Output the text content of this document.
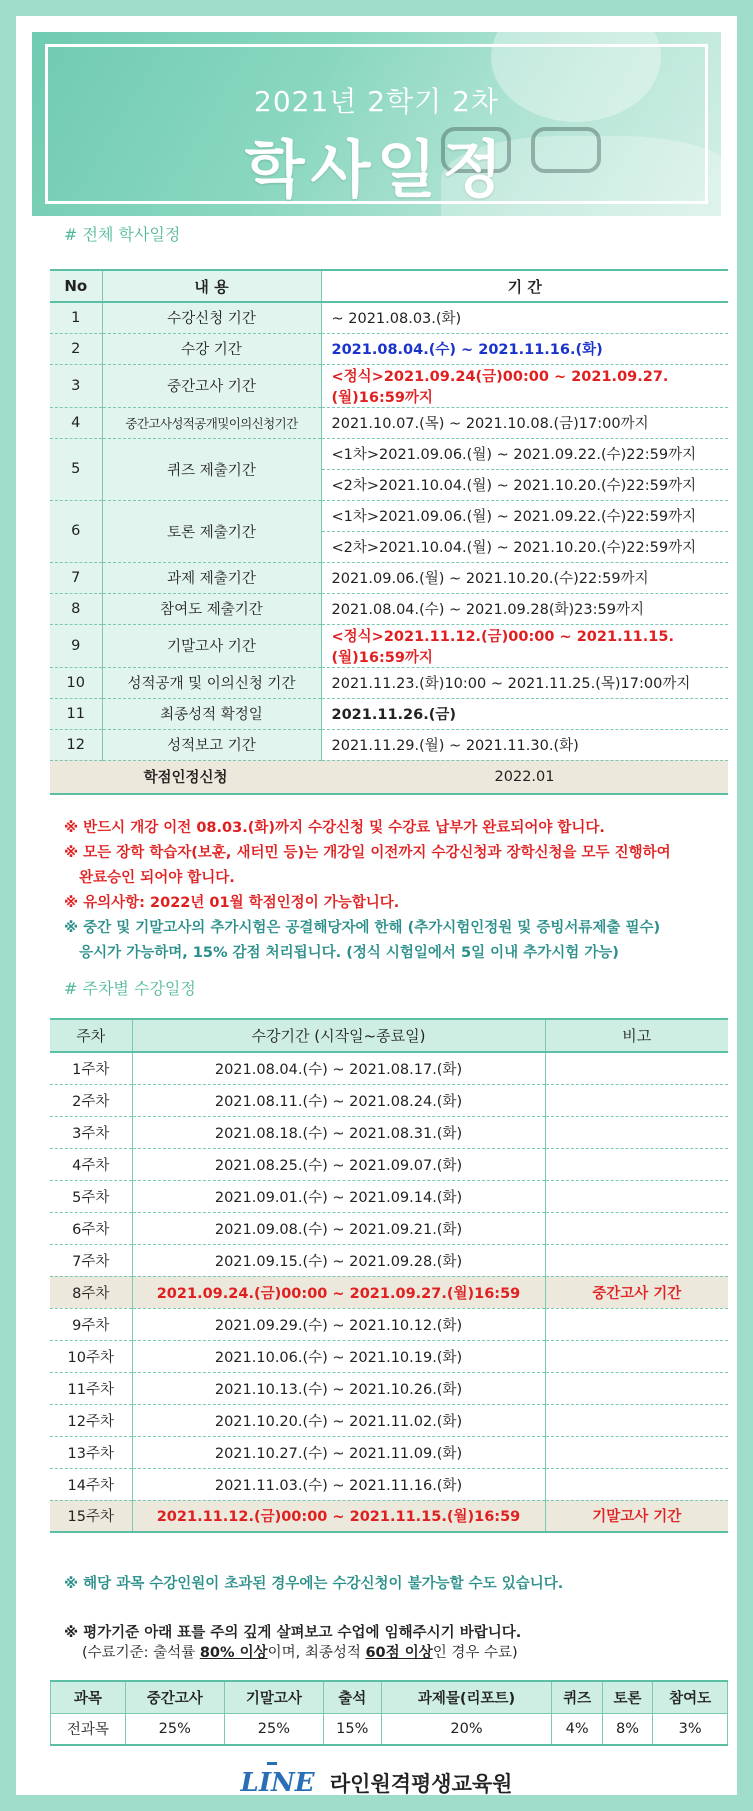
2021년 2학기 2차
학사일정
# 전체 학사일정
No	내 용	기 간
1	수강신청 기간	~ 2021.08.03.(화)
2	수강 기간	2021.08.04.(수) ~ 2021.11.16.(화)
3	중간고사 기간	<정식>2021.09.24(금)00:00 ~ 2021.09.27.(월)16:59까지
4	중간고사성적공개및이의신청기간	2021.10.07.(목) ~ 2021.10.08.(금)17:00까지
5	퀴즈 제출기간	<1차>2021.09.06.(월) ~ 2021.09.22.(수)22:59까지
		<2차>2021.10.04.(월) ~ 2021.10.20.(수)22:59까지
6	토론 제출기간	<1차>2021.09.06.(월) ~ 2021.09.22.(수)22:59까지
		<2차>2021.10.04.(월) ~ 2021.10.20.(수)22:59까지
7	과제 제출기간	2021.09.06.(월) ~ 2021.10.20.(수)22:59까지
8	참여도 제출기간	2021.08.04.(수) ~ 2021.09.28(화)23:59까지
9	기말고사 기간	<정식>2021.11.12.(금)00:00 ~ 2021.11.15.(월)16:59까지
10	성적공개 및 이의신청 기간	2021.11.23.(화)10:00 ~ 2021.11.25.(목)17:00까지
11	최종성적 확정일	2021.11.26.(금)
12	성적보고 기간	2021.11.29.(월) ~ 2021.11.30.(화)
학점인정신청		2022.01

※ 반드시 개강 이전 08.03.(화)까지 수강신청 및 수강료 납부가 완료되어야 합니다.

※ 모든 장학 학습자(보훈, 새터민 등)는 개강일 이전까지 수강신청과 장학신청을 모두 진행하여

완료승인 되어야 합니다.

※ 유의사항: 2022년 01월 학점인정이 가능합니다.

※ 중간 및 기말고사의 추가시험은 공결해당자에 한해 (추가시험인정원 및 증빙서류제출 필수)

응시가 가능하며, 15% 감점 처리됩니다. (정식 시험일에서 5일 이내 추가시험 가능)

# 주차별 수강일정
주차	수강기간 (시작일~종료일)	비고
1주차	2021.08.04.(수) ~ 2021.08.17.(화)	
2주차	2021.08.11.(수) ~ 2021.08.24.(화)	
3주차	2021.08.18.(수) ~ 2021.08.31.(화)	
4주차	2021.08.25.(수) ~ 2021.09.07.(화)	
5주차	2021.09.01.(수) ~ 2021.09.14.(화)	
6주차	2021.09.08.(수) ~ 2021.09.21.(화)	
7주차	2021.09.15.(수) ~ 2021.09.28.(화)	
8주차	2021.09.24.(금)00:00 ~ 2021.09.27.(월)16:59	중간고사 기간
9주차	2021.09.29.(수) ~ 2021.10.12.(화)	
10주차	2021.10.06.(수) ~ 2021.10.19.(화)	
11주차	2021.10.13.(수) ~ 2021.10.26.(화)	
12주차	2021.10.20.(수) ~ 2021.11.02.(화)	
13주차	2021.10.27.(수) ~ 2021.11.09.(화)	
14주차	2021.11.03.(수) ~ 2021.11.16.(화)	
15주차	2021.11.12.(금)00:00 ~ 2021.11.15.(월)16:59	기말고사 기간
※ 해당 과목 수강인원이 초과된 경우에는 수강신청이 불가능할 수도 있습니다.
※ 평가기준 아래 표를 주의 깊게 살펴보고 수업에 임해주시기 바랍니다.
(수료기준: 출석률 80% 이상이며, 최종성적 60점 이상인 경우 수료)
과목	중간고사	기말고사	출석	과제물(리포트)	퀴즈	토론	참여도
전과목	25%	25%	15%	20%	4%	8%	3%
LINE 라인원격평생교육원
